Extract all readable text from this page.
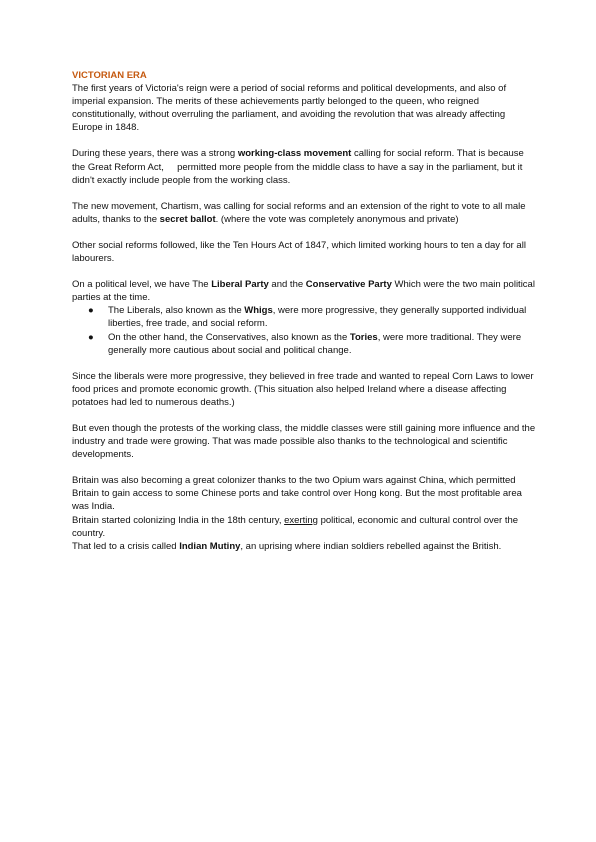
VICTORIAN ERA

The first years of Victoria's reign were a period of social reforms and political developments, and also of imperial expansion. The merits of these achievements partly belonged to the queen, who reigned constitutionally, without overruling the parliament, and avoiding the revolution that was already affecting Europe in 1848.

During these years, there was a strong working-class movement calling for social reform. That is because the Great Reform Act,     permitted more people from the middle class to have a say in the parliament, but it didn't exactly include people from the working class.

The new movement, Chartism, was calling for social reforms and an extension of the right to vote to all male adults, thanks to the secret ballot. (where the vote was completely anonymous and private)

Other social reforms followed, like the Ten Hours Act of 1847, which limited working hours to ten a day for all labourers.

On a political level, we have The Liberal Party and the Conservative Party Which were the two main political parties at the time.

● The Liberals, also known as the Whigs, were more progressive, they generally supported individual liberties, free trade, and social reform.
● On the other hand, the Conservatives, also known as the Tories, were more traditional. They were generally more cautious about social and political change.

Since the liberals were more progressive, they believed in free trade and wanted to repeal Corn Laws to lower food prices and promote economic growth. (This situation also helped Ireland where a disease affecting potatoes had led to numerous deaths.)

But even though the protests of the working class, the middle classes were still gaining more influence and the industry and trade were growing. That was made possible also thanks to the technological and scientific developments.

Britain was also becoming a great colonizer thanks to the two Opium wars against China, which permitted Britain to gain access to some Chinese ports and take control over Hong kong. But the most profitable area was India.

Britain started colonizing India in the 18th century, exerting political, economic and cultural control over the country.

That led to a crisis called Indian Mutiny, an uprising where indian soldiers rebelled against the British.
